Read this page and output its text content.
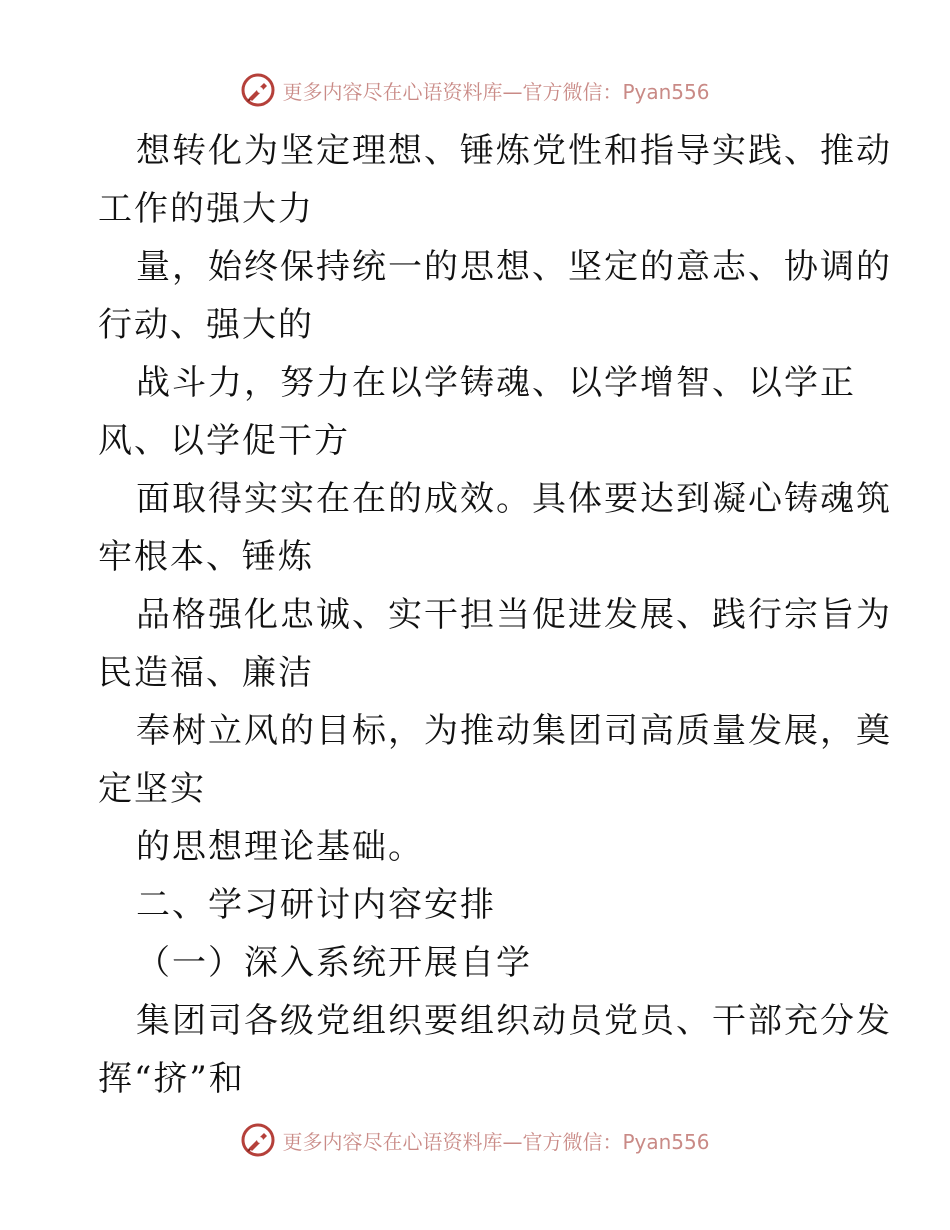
更多内容尽在心语资料库—官方微信：Pyan556
想转化为坚定理想、锤炼党性和指导实践、推动
工作的强大力
量，始终保持统一的思想、坚定的意志、协调的
行动、强大的
战斗力，努力在以学铸魂、以学增智、以学正
风、以学促干方
面取得实实在在的成效。具体要达到凝心铸魂筑
牢根本、锤炼
品格强化忠诚、实干担当促进发展、践行宗旨为
民造福、廉洁
奉树立风的目标，为推动集团司高质量发展，奠
定坚实
的思想理论基础。
二、学习研讨内容安排
（一）深入系统开展自学
集团司各级党组织要组织动员党员、干部充分发
挥“挤”和
更多内容尽在心语资料库—官方微信：Pyan556
